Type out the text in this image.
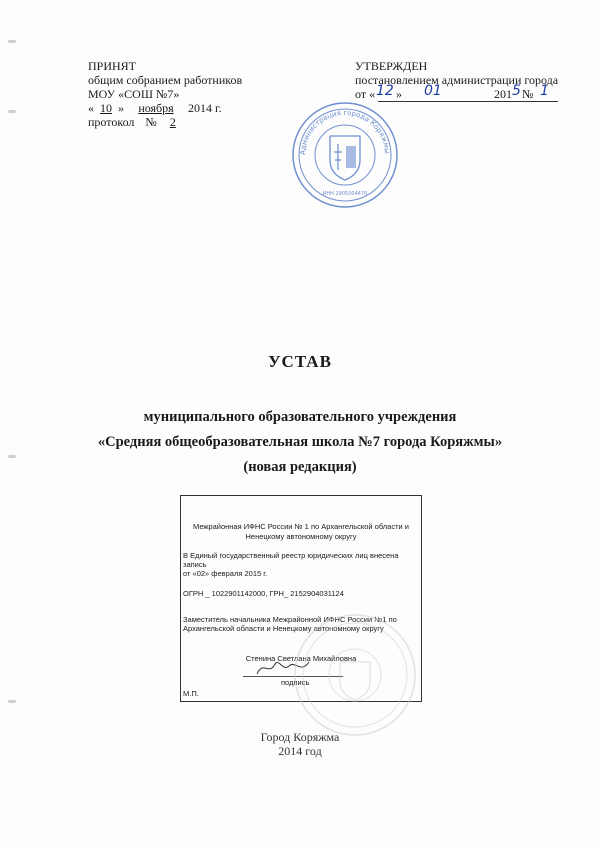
ПРИНЯТ
общим собранием работников
МОУ «СОШ №7»
« 10 » ноября 2014 г.
протокол № 2
УТВЕРЖДЕН
постановлением администрации города
от « 12 » 01	201 5 № 1
Администрация города Коряжмы
ИНН 2905004470
УСТАВ
муниципального образовательного учреждения
«Средняя общеобразовательная школа №7 города Коряжмы»
(новая редакция)
Межрайонная ИФНС России № 1 по Архангельской области и
Ненецкому автономному округу
В Единый государственный реестр юридических лиц внесена
запись
от «02» февраля 2015 г.
ОГРН _ 1022901142000, ГРН_ 2152904031124
Заместитель начальника Межрайонной ИФНС России №1 по
Архангельской области и Ненецкому автономному округу
Стенина Светлана Михайловна
подпись
М.П.
Город Коряжма
2014 год
